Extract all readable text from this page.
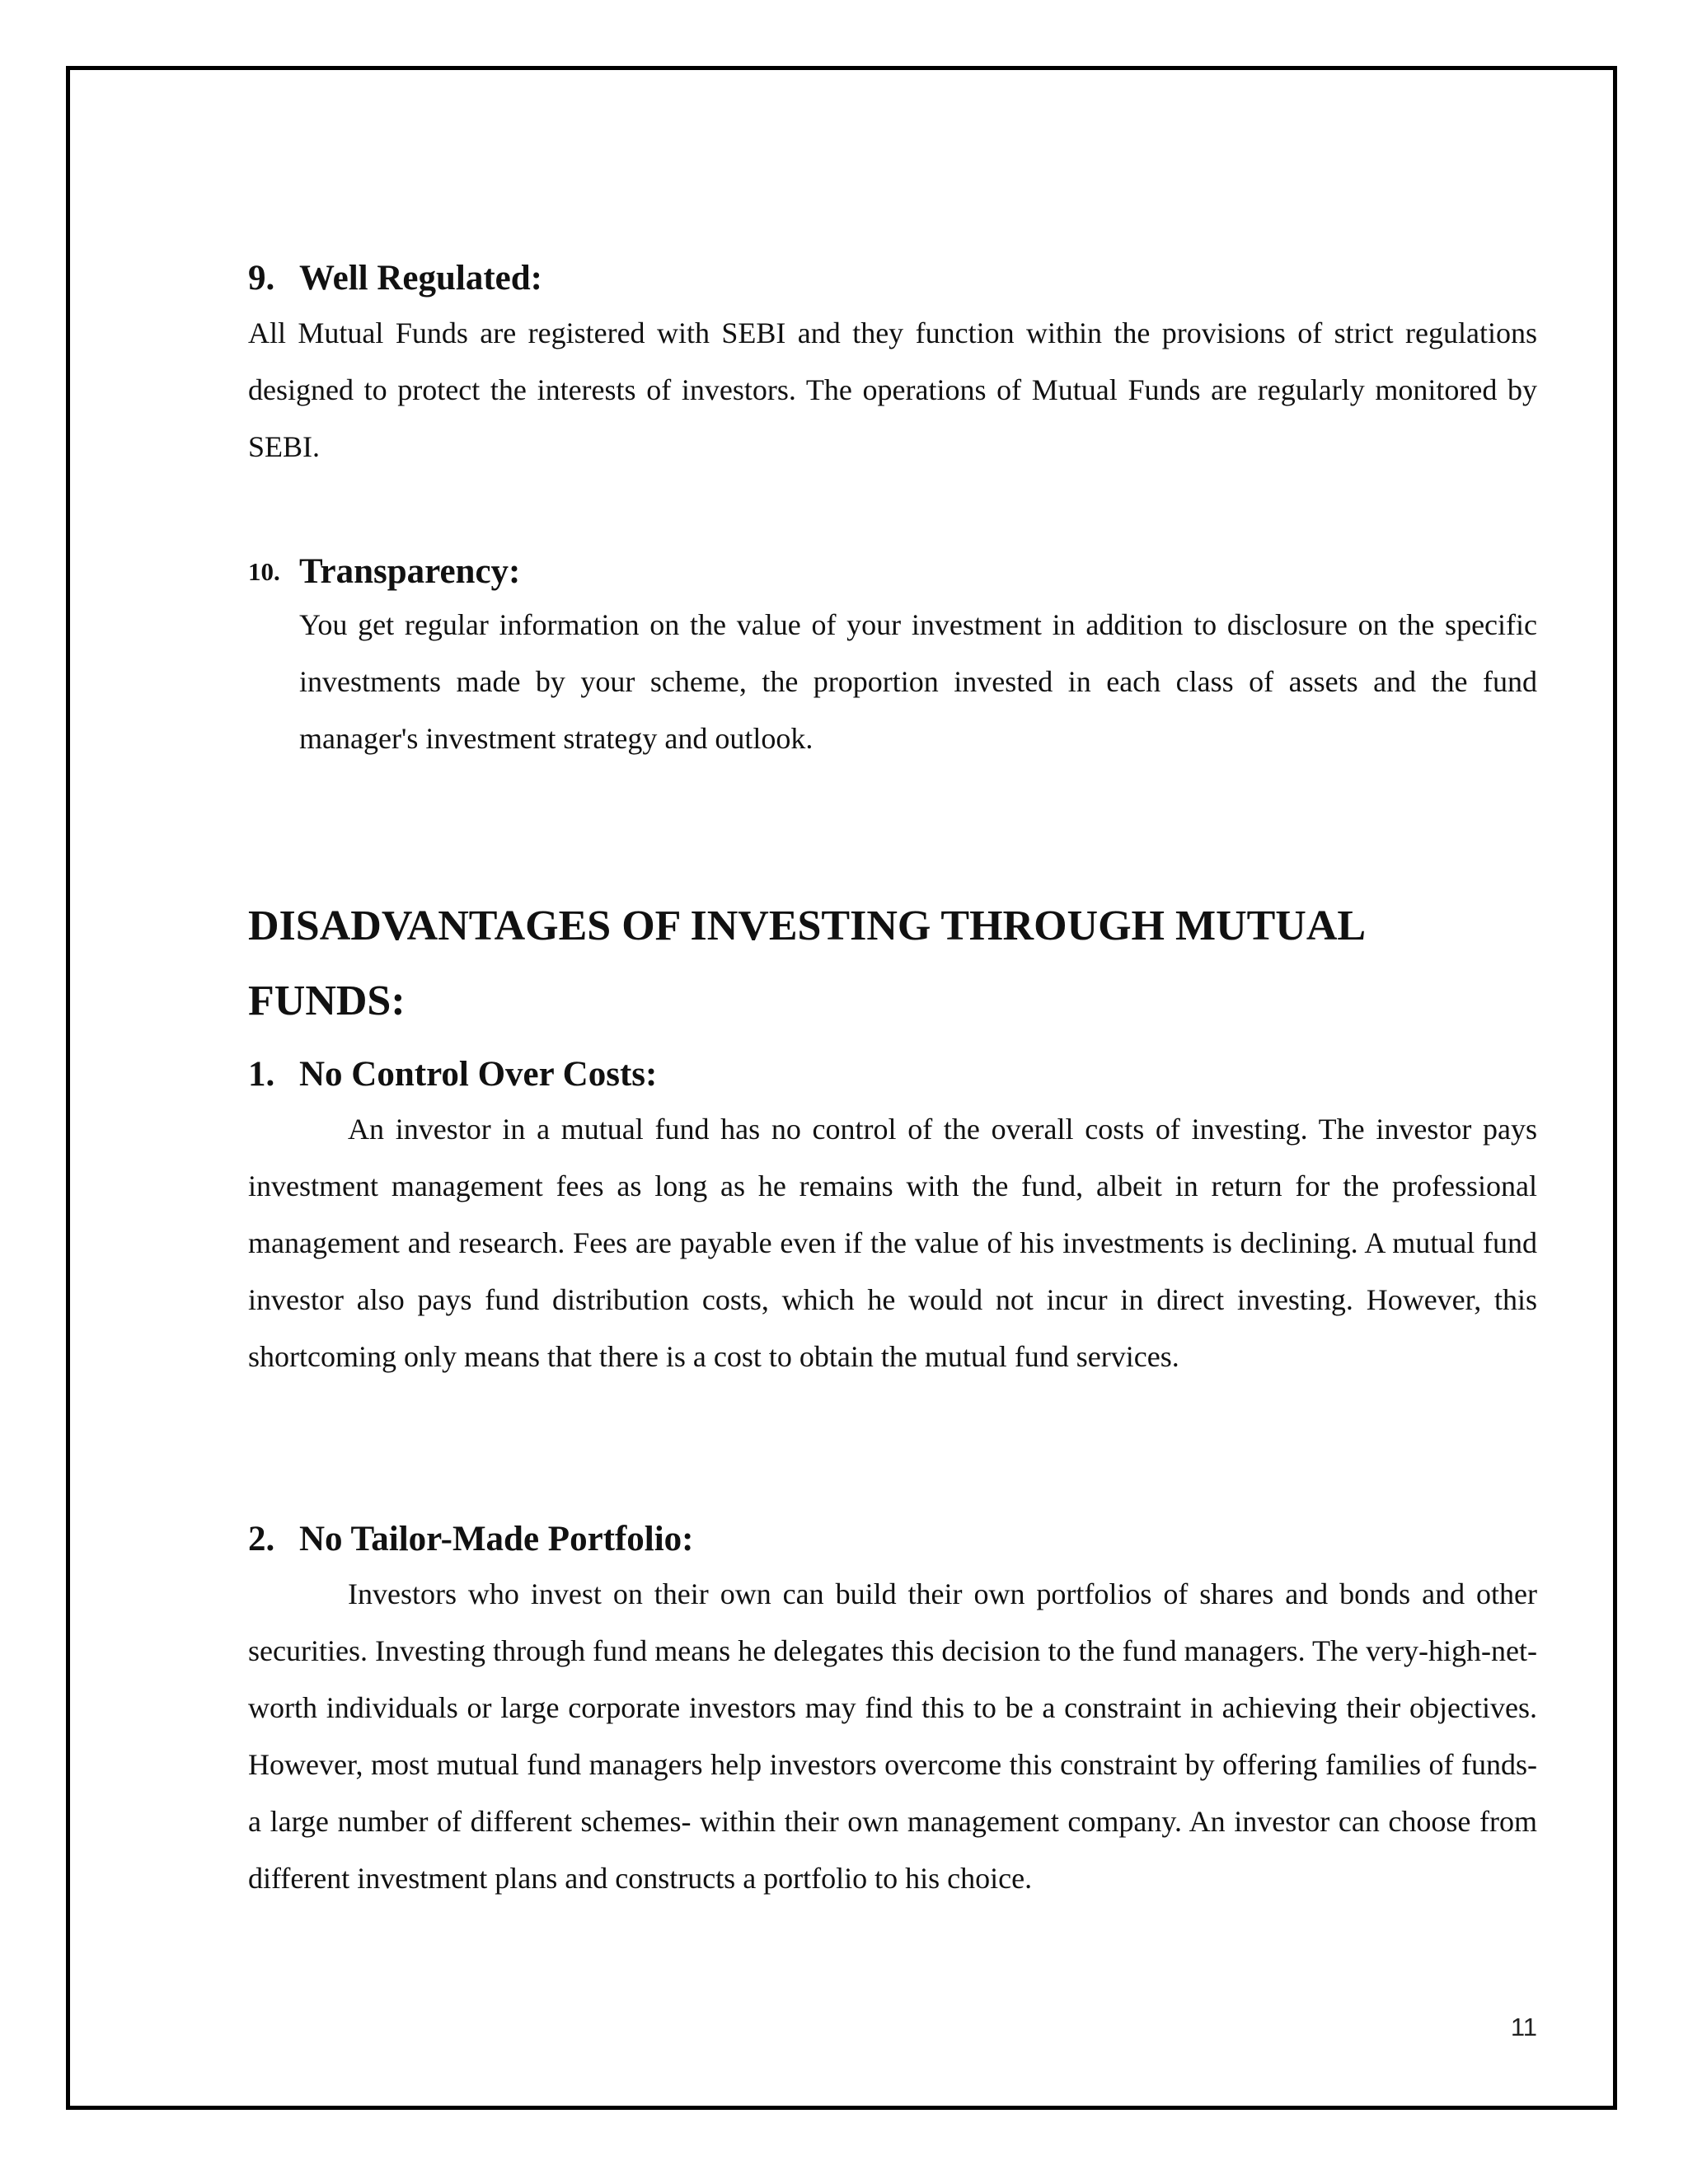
9. Well Regulated:

All Mutual Funds are registered with SEBI and they function within the provisions of strict regulations designed to protect the interests of investors. The operations of Mutual Funds are regularly monitored by SEBI.

10. Transparency:

You get regular information on the value of your investment in addition to disclosure on the specific investments made by your scheme, the proportion invested in each class of assets and the fund manager's investment strategy and outlook.

DISADVANTAGES OF INVESTING THROUGH MUTUAL FUNDS:
1. No Control Over Costs:

An investor in a mutual fund has no control of the overall costs of investing. The investor pays investment management fees as long as he remains with the fund, albeit in return for the professional management and research. Fees are payable even if the value of his investments is declining. A mutual fund investor also pays fund distribution costs, which he would not incur in direct investing. However, this shortcoming only means that there is a cost to obtain the mutual fund services.

2. No Tailor-Made Portfolio:

Investors who invest on their own can build their own portfolios of shares and bonds and other securities. Investing through fund means he delegates this decision to the fund managers. The very-high-net-worth individuals or large corporate investors may find this to be a constraint in achieving their objectives. However, most mutual fund managers help investors overcome this constraint by offering families of funds- a large number of different schemes- within their own management company. An investor can choose from different investment plans and constructs a portfolio to his choice.

11
